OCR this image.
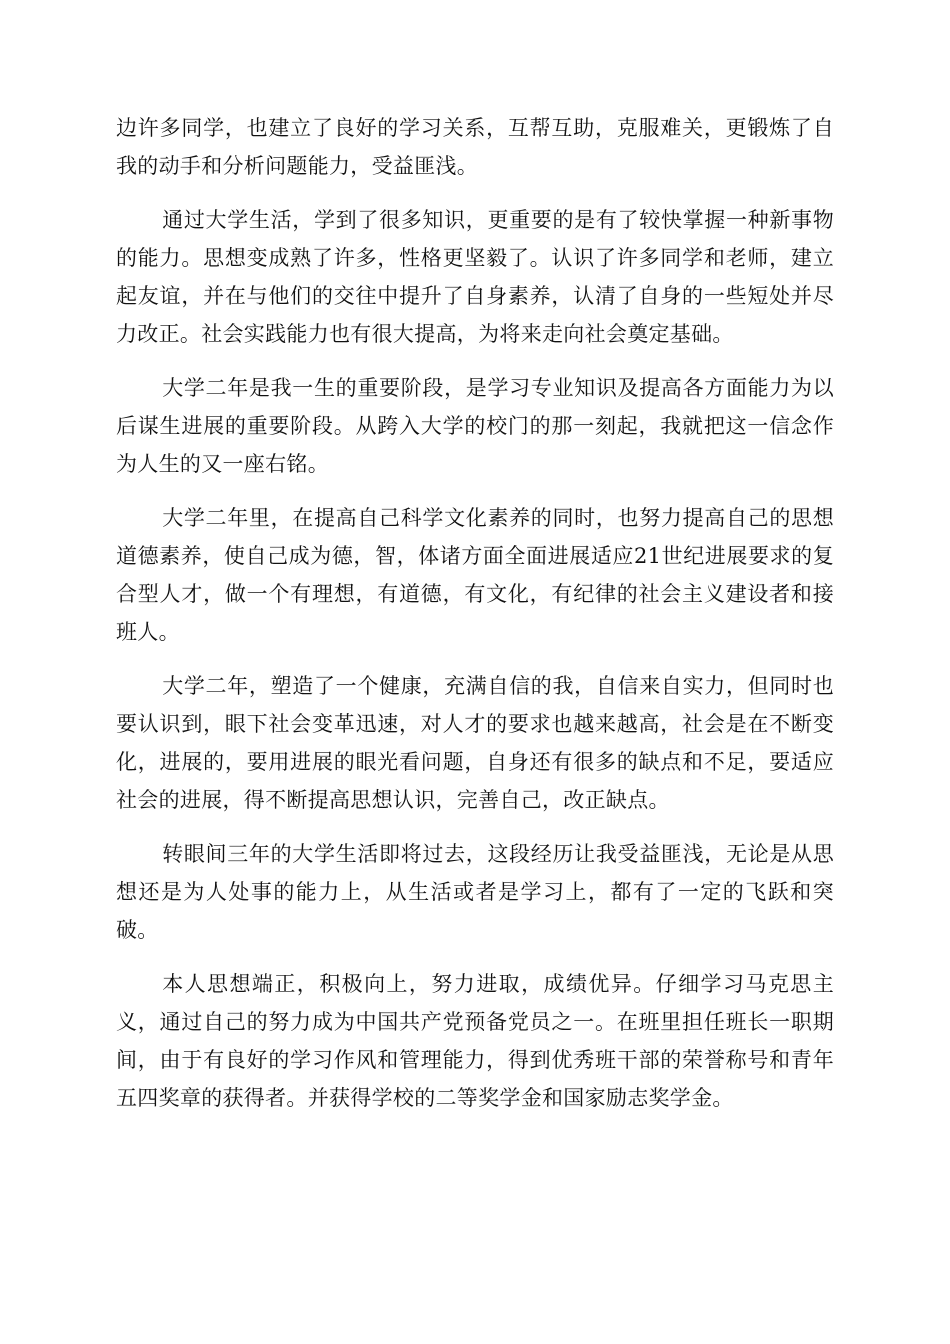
边许多同学，也建立了良好的学习关系，互帮互助，克服难关，更锻炼了自我的动手和分析问题能力，受益匪浅。

通过大学生活，学到了很多知识，更重要的是有了较快掌握一种新事物的能力。思想变成熟了许多，性格更坚毅了。认识了许多同学和老师，建立起友谊，并在与他们的交往中提升了自身素养，认清了自身的一些短处并尽力改正。社会实践能力也有很大提高，为将来走向社会奠定基础。

大学二年是我一生的重要阶段，是学习专业知识及提高各方面能力为以后谋生进展的重要阶段。从跨入大学的校门的那一刻起，我就把这一信念作为人生的又一座右铭。

大学二年里，在提高自己科学文化素养的同时，也努力提高自己的思想道德素养，使自己成为德，智，体诸方面全面进展适应21世纪进展要求的复合型人才，做一个有理想，有道德，有文化，有纪律的社会主义建设者和接班人。

大学二年，塑造了一个健康，充满自信的我，自信来自实力，但同时也要认识到，眼下社会变革迅速，对人才的要求也越来越高，社会是在不断变化，进展的，要用进展的眼光看问题，自身还有很多的缺点和不足，要适应社会的进展，得不断提高思想认识，完善自己，改正缺点。

转眼间三年的大学生活即将过去，这段经历让我受益匪浅，无论是从思想还是为人处事的能力上，从生活或者是学习上，都有了一定的飞跃和突破。

本人思想端正，积极向上，努力进取，成绩优异。仔细学习马克思主义，通过自己的努力成为中国共产党预备党员之一。在班里担任班长一职期间，由于有良好的学习作风和管理能力，得到优秀班干部的荣誉称号和青年五四奖章的获得者。并获得学校的二等奖学金和国家励志奖学金。
